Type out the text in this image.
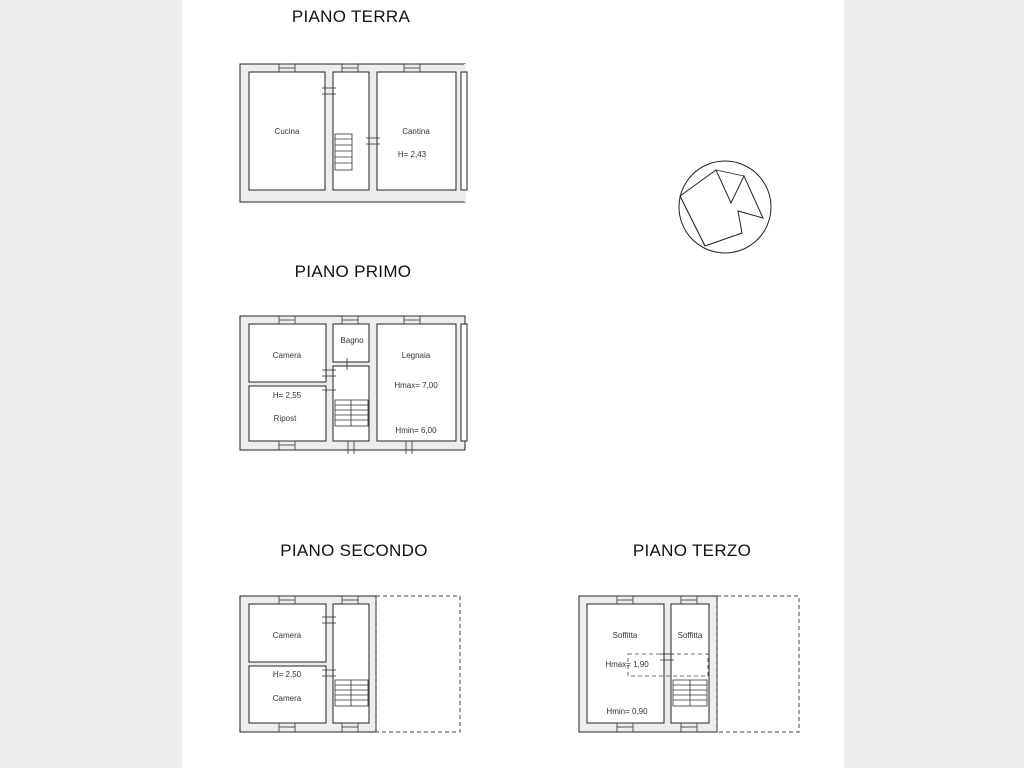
PIANO TERRA
PIANO PRIMO
PIANO SECONDO	PIANO TERZO
Cucina	Cantina
H= 2,43
Camera
Bagno
Legnaia
H= 2,55
Ripost
Hmax= 7,00
Hmin= 6,00
Camera
H= 2,50
Camera
Soffitta	Soffitta
Hmax= 1,90
Hmin= 0,90
